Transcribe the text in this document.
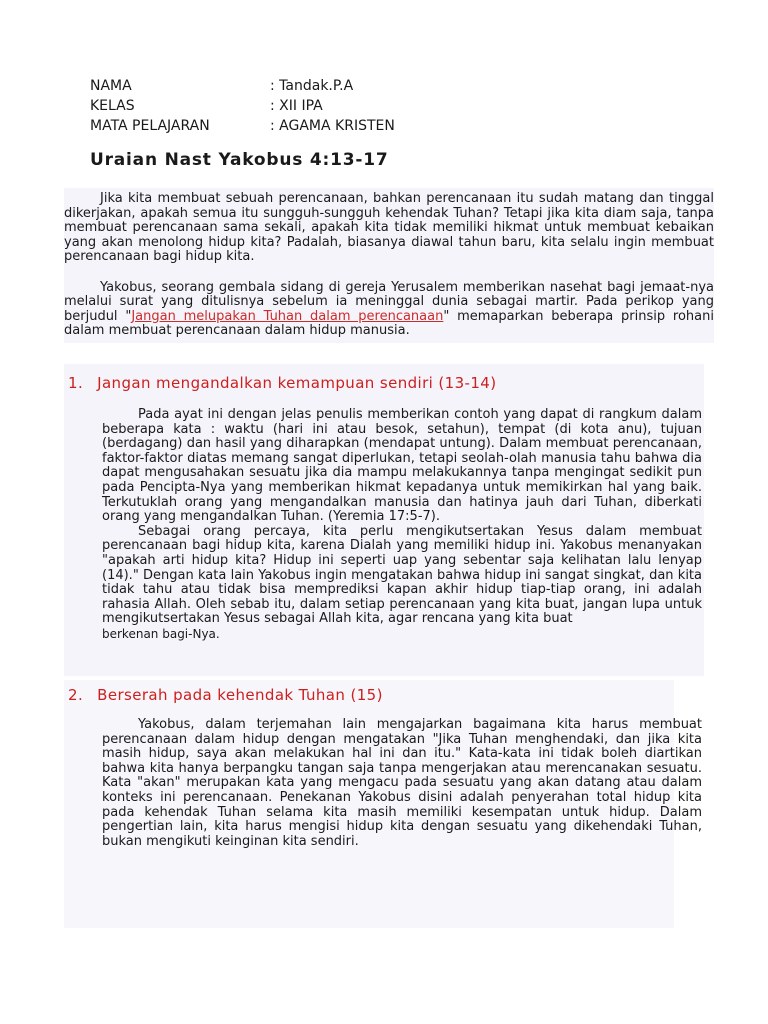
NAMA	: Tandak.P.A
KELAS	: XII IPA
MATA PELAJARAN	: AGAMA KRISTEN
Uraian Nast Yakobus 4:13-17

Jika kita membuat sebuah perencanaan, bahkan perencanaan itu sudah matang dan tinggal dikerjakan, apakah semua itu sungguh-sungguh kehendak Tuhan? Tetapi jika kita diam saja, tanpa membuat perencanaan sama sekali, apakah kita tidak memiliki hikmat untuk membuat kebaikan yang akan menolong hidup kita? Padalah, biasanya diawal tahun baru, kita selalu ingin membuat perencanaan bagi hidup kita.

Yakobus, seorang gembala sidang di gereja Yerusalem memberikan nasehat bagi jemaat-nya melalui surat yang ditulisnya sebelum ia meninggal dunia sebagai martir. Pada perikop yang berjudul "Jangan melupakan Tuhan dalam perencanaan" memaparkan beberapa prinsip rohani dalam membuat perencanaan dalam hidup manusia.

1. Jangan mengandalkan kemampuan sendiri (13-14)

Pada ayat ini dengan jelas penulis memberikan contoh yang dapat di rangkum dalam beberapa kata : waktu (hari ini atau besok, setahun), tempat (di kota anu), tujuan (berdagang) dan hasil yang diharapkan (mendapat untung). Dalam membuat perencanaan, faktor-faktor diatas memang sangat diperlukan, tetapi seolah-olah manusia tahu bahwa dia dapat mengusahakan sesuatu jika dia mampu melakukannya tanpa mengingat sedikit pun pada Pencipta-Nya yang memberikan hikmat kepadanya untuk memikirkan hal yang baik. Terkutuklah orang yang mengandalkan manusia dan hatinya jauh dari Tuhan, diberkati orang yang mengandalkan Tuhan. (Yeremia 17:5-7).

Sebagai orang percaya, kita perlu mengikutsertakan Yesus dalam membuat perencanaan bagi hidup kita, karena Dialah yang memiliki hidup ini. Yakobus menanyakan "apakah arti hidup kita? Hidup ini seperti uap yang sebentar saja kelihatan lalu lenyap (14)." Dengan kata lain Yakobus ingin mengatakan bahwa hidup ini sangat singkat, dan kita tidak tahu atau tidak bisa memprediksi kapan akhir hidup tiap-tiap orang, ini adalah rahasia Allah. Oleh sebab itu, dalam setiap perencanaan yang kita buat, jangan lupa untuk mengikutsertakan Yesus sebagai Allah kita, agar rencana yang kita buat

berkenan bagi-Nya.
2. Berserah pada kehendak Tuhan (15)

Yakobus, dalam terjemahan lain mengajarkan bagaimana kita harus membuat perencanaan dalam hidup dengan mengatakan "Jika Tuhan menghendaki, dan jika kita masih hidup, saya akan melakukan hal ini dan itu." Kata-kata ini tidak boleh diartikan bahwa kita hanya berpangku tangan saja tanpa mengerjakan atau merencanakan sesuatu. Kata "akan" merupakan kata yang mengacu pada sesuatu yang akan datang atau dalam konteks ini perencanaan. Penekanan Yakobus disini adalah penyerahan total hidup kita pada kehendak Tuhan selama kita masih memiliki kesempatan untuk hidup. Dalam pengertian lain, kita harus mengisi hidup kita dengan sesuatu yang dikehendaki Tuhan, bukan mengikuti keinginan kita sendiri.
